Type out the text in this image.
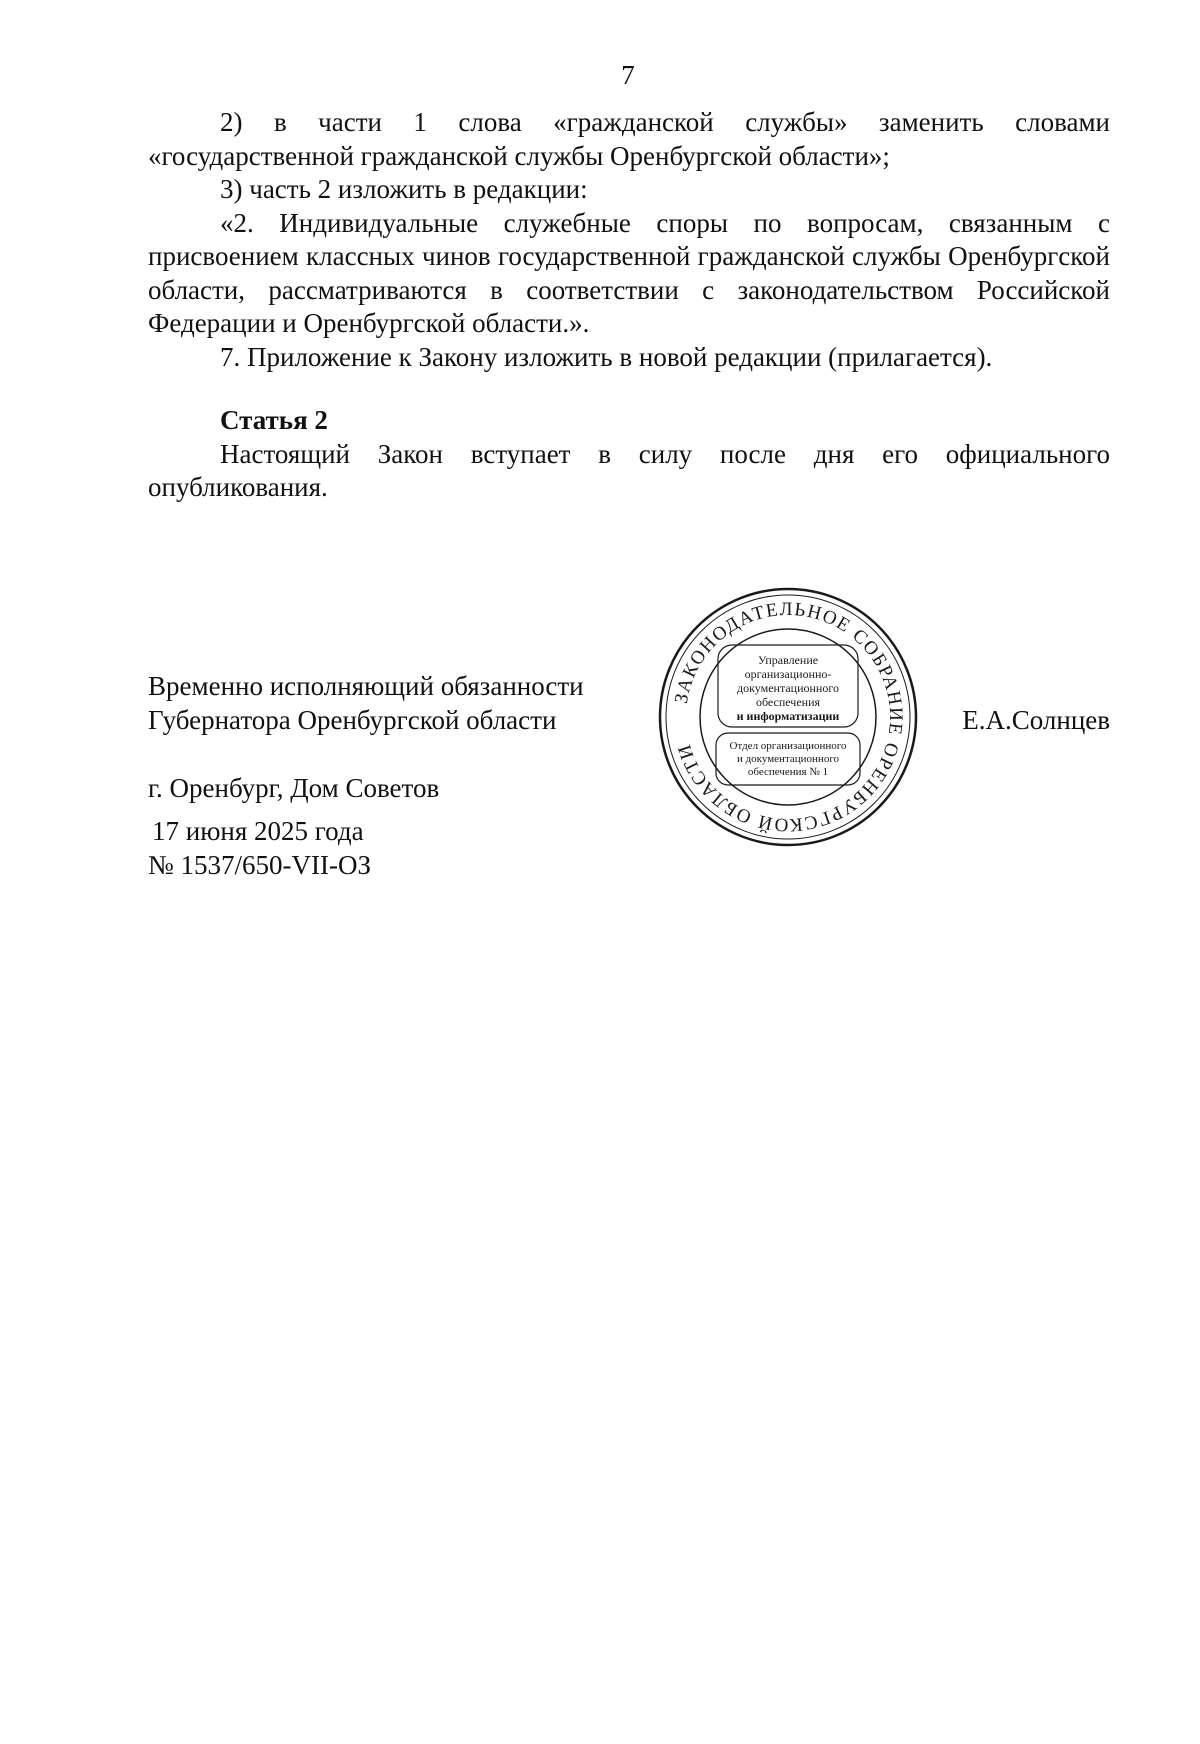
7

2) в части 1 слова «гражданской службы» заменить словами «государственной гражданской службы Оренбургской области»;

3) часть 2 изложить в редакции:

«2. Индивидуальные служебные споры по вопросам, связанным с присвоением классных чинов государственной гражданской службы Оренбургской области, рассматриваются в соответствии с законодательством Российской Федерации и Оренбургской области.».

7. Приложение к Закону изложить в новой редакции (прилагается).

Статья 2

Настоящий Закон вступает в силу после дня его официального опубликования.

Временно исполняющий обязанности
Губернатора Оренбургской области
ЗАКОНОДАТЕЛЬНОЕ СОБРАНИЕ ОРЕНБУРГСКОЙ ОБЛАСТИ
Управление
организационно-
документационного
обеспечения
и информатизации
Отдел организационного
и документационного
обеспечения № 1
Е.А.Солнцев
г. Оренбург, Дом Советов
17 июня 2025 года
№ 1537/650-VII-ОЗ
